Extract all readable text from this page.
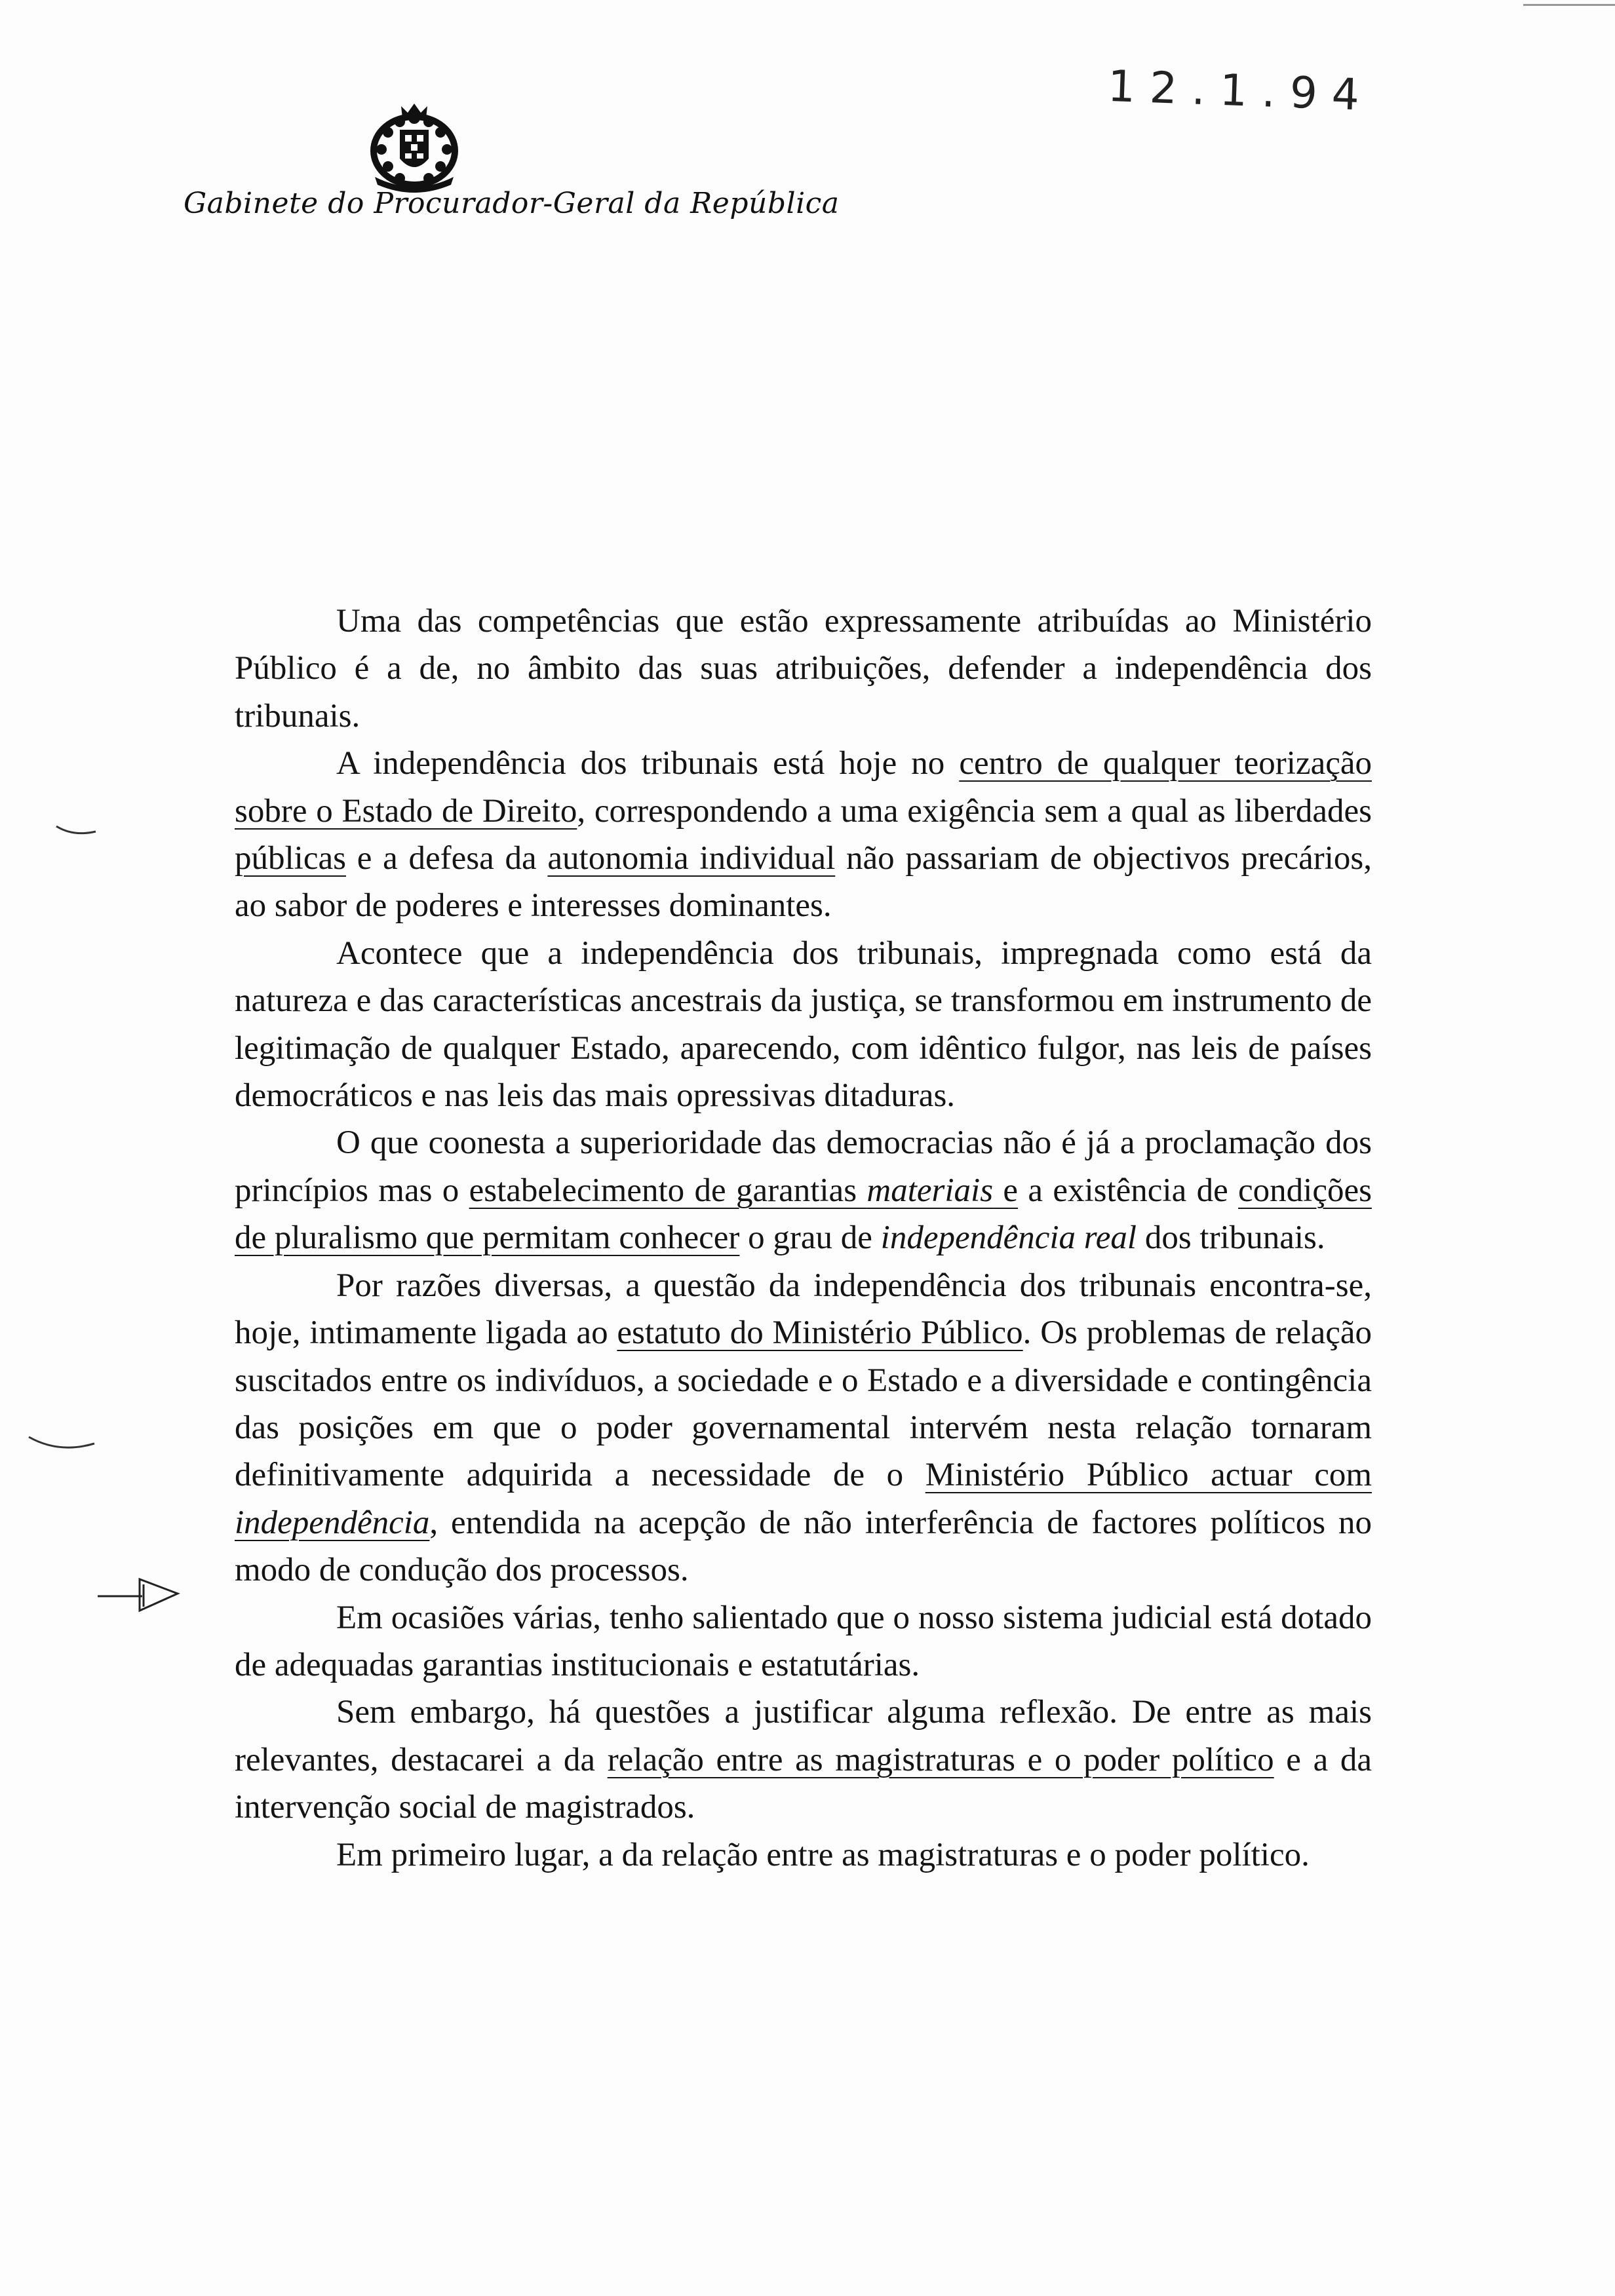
Gabinete do Procurador-Geral da República
12.1.94

Uma das competências que estão expressamente atribuídas ao Ministério Público é a de, no âmbito das suas atribuições, defender a independência dos tribunais.

A independência dos tribunais está hoje no centro de qualquer teorização sobre o Estado de Direito, correspondendo a uma exigência sem a qual as liberdades públicas e a defesa da autonomia individual não passariam de objectivos precários, ao sabor de poderes e interesses dominantes.

Acontece que a independência dos tribunais, impregnada como está da natureza e das características ancestrais da justiça, se transformou em instrumento de legitimação de qualquer Estado, aparecendo, com idêntico fulgor, nas leis de países democráticos e nas leis das mais opressivas ditaduras.

O que coonesta a superioridade das democracias não é já a proclamação dos princípios mas o estabelecimento de garantias materiais e a existência de condições de pluralismo que permitam conhecer o grau de independência real dos tribunais.

Por razões diversas, a questão da independência dos tribunais encontra-se, hoje, intimamente ligada ao estatuto do Ministério Público. Os problemas de relação suscitados entre os indivíduos, a sociedade e o Estado e a diversidade e contingência das posições em que o poder governamental intervém nesta relação tornaram definitivamente adquirida a necessidade de o Ministério Público actuar com independência, entendida na acepção de não interferência de factores políticos no modo de condução dos processos.

Em ocasiões várias, tenho salientado que o nosso sistema judicial está dotado de adequadas garantias institucionais e estatutárias.

Sem embargo, há questões a justificar alguma reflexão. De entre as mais relevantes, destacarei a da relação entre as magistraturas e o poder político e a da intervenção social de magistrados.

Em primeiro lugar, a da relação entre as magistraturas e o poder político.
